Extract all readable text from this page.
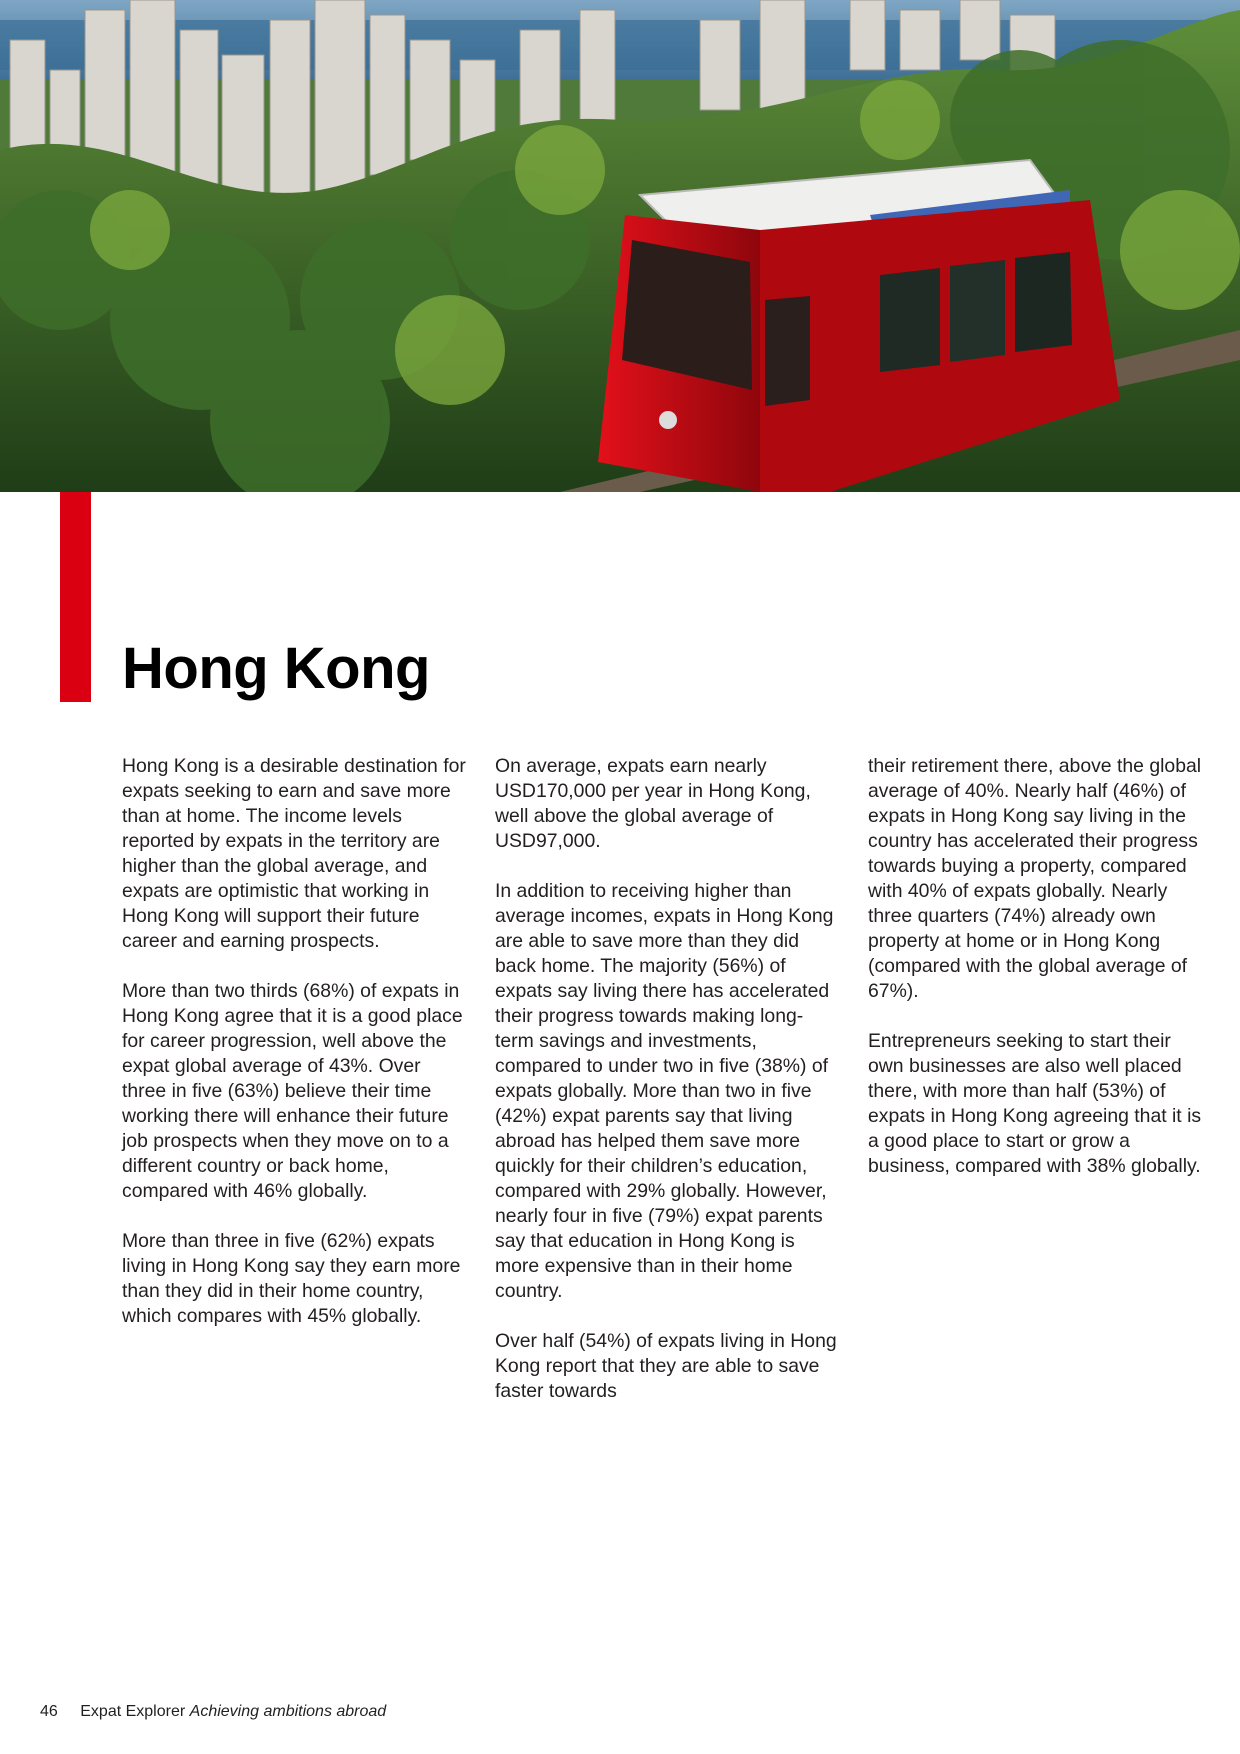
Hong Kong

Hong Kong is a desirable destination for expats seeking to earn and save more than at home. The income levels reported by expats in the territory are higher than the global average, and expats are optimistic that working in Hong Kong will support their future career and earning prospects.

More than two thirds (68%) of expats in Hong Kong agree that it is a good place for career progression, well above the expat global average of 43%. Over three in five (63%) believe their time working there will enhance their future job prospects when they move on to a different country or back home, compared with 46% globally.

More than three in five (62%) expats living in Hong Kong say they earn more than they did in their home country, which compares with 45% globally.

On average, expats earn nearly USD170,000 per year in Hong Kong, well above the global average of USD97,000.

In addition to receiving higher than average incomes, expats in Hong Kong are able to save more than they did back home. The majority (56%) of expats say living there has accelerated their progress towards making long-term savings and investments, compared to under two in five (38%) of expats globally. More than two in five (42%) expat parents say that living abroad has helped them save more quickly for their children’s education, compared with 29% globally. However, nearly four in five (79%) expat parents say that education in Hong Kong is more expensive than in their home country.

Over half (54%) of expats living in Hong Kong report that they are able to save faster towards

their retirement there, above the global average of 40%. Nearly half (46%) of expats in Hong Kong say living in the country has accelerated their progress towards buying a property, compared with 40% of expats globally. Nearly three quarters (74%) already own property at home or in Hong Kong (compared with the global average of 67%).

Entrepreneurs seeking to start their own businesses are also well placed there, with more than half (53%) of expats in Hong Kong agreeing that it is a good place to start or grow a business, compared with 38% globally.

46 Expat Explorer Achieving ambitions abroad
